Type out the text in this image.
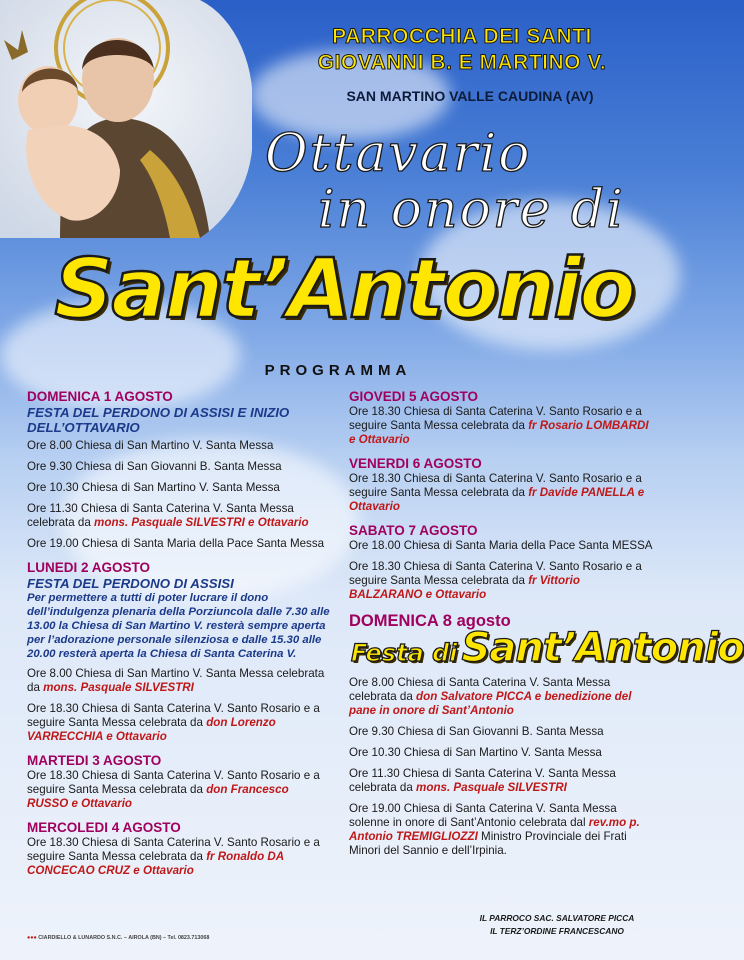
PARROCCHIA DEI SANTI
GIOVANNI B. E MARTINO V.
SAN MARTINO VALLE CAUDINA (AV)
Ottavario
in onore di
Sant’Antonio
PROGRAMMA
DOMENICA 1 AGOSTO
FESTA DEL PERDONO DI ASSISI E INIZIO DELL’OTTAVARIO
Ore 8.00 Chiesa di San Martino V. Santa Messa
Ore 9.30 Chiesa di San Giovanni B. Santa Messa
Ore 10.30 Chiesa di San Martino V. Santa Messa
Ore 11.30 Chiesa di Santa Caterina V. Santa Messa celebrata da mons. Pasquale SILVESTRI e Ottavario
Ore 19.00 Chiesa di Santa Maria della Pace Santa Messa
LUNEDI 2 AGOSTO
FESTA DEL PERDONO DI ASSISI
Per permettere a tutti di poter lucrare il dono dell’indulgenza plenaria della Porziuncola dalle 7.30 alle 13.00 la Chiesa di San Martino V. resterà sempre aperta per l’adorazione personale silenziosa e dalle 15.30 alle 20.00 resterà aperta la Chiesa di Santa Caterina V.
Ore 8.00 Chiesa di San Martino V. Santa Messa celebrata da mons. Pasquale SILVESTRI
Ore 18.30 Chiesa di Santa Caterina V. Santo Rosario e a seguire Santa Messa celebrata da don Lorenzo VARRECCHIA e Ottavario
MARTEDI 3 AGOSTO
Ore 18.30 Chiesa di Santa Caterina V. Santo Rosario e a seguire Santa Messa celebrata da don Francesco RUSSO e Ottavario
MERCOLEDI 4 AGOSTO
Ore 18.30 Chiesa di Santa Caterina V. Santo Rosario e a seguire Santa Messa celebrata da fr Ronaldo DA CONCECAO CRUZ e Ottavario
GIOVEDI 5 AGOSTO
Ore 18.30 Chiesa di Santa Caterina V. Santo Rosario e a seguire Santa Messa celebrata da fr Rosario LOMBARDI e Ottavario
VENERDI 6 AGOSTO
Ore 18.30 Chiesa di Santa Caterina V. Santo Rosario e a seguire Santa Messa celebrata da fr Davide PANELLA e Ottavario
SABATO 7 AGOSTO
Ore 18.00 Chiesa di Santa Maria della Pace Santa MESSA
Ore 18.30 Chiesa di Santa Caterina V. Santo Rosario e a seguire Santa Messa celebrata da fr Vittorio BALZARANO e Ottavario
DOMENICA 8 agosto
Festa di Sant’Antonio
Ore 8.00 Chiesa di Santa Caterina V. Santa Messa celebrata da don Salvatore PICCA e benedizione del pane in onore di Sant’Antonio
Ore 9.30 Chiesa di San Giovanni B. Santa Messa
Ore 10.30 Chiesa di San Martino V. Santa Messa
Ore 11.30 Chiesa di Santa Caterina V. Santa Messa celebrata da mons. Pasquale SILVESTRI
Ore 19.00 Chiesa di Santa Caterina V. Santa Messa solenne in onore di Sant’Antonio celebrata dal rev.mo p. Antonio TREMIGLIOZZI Ministro Provinciale dei Frati Minori del Sannio e dell’Irpinia.
IL PARROCO SAC. SALVATORE PICCA
IL TERZ’ORDINE FRANCESCANO
●●● CIARDIELLO & LUNARDO S.N.C. – AIROLA (BN) – Tel. 0823.713068
